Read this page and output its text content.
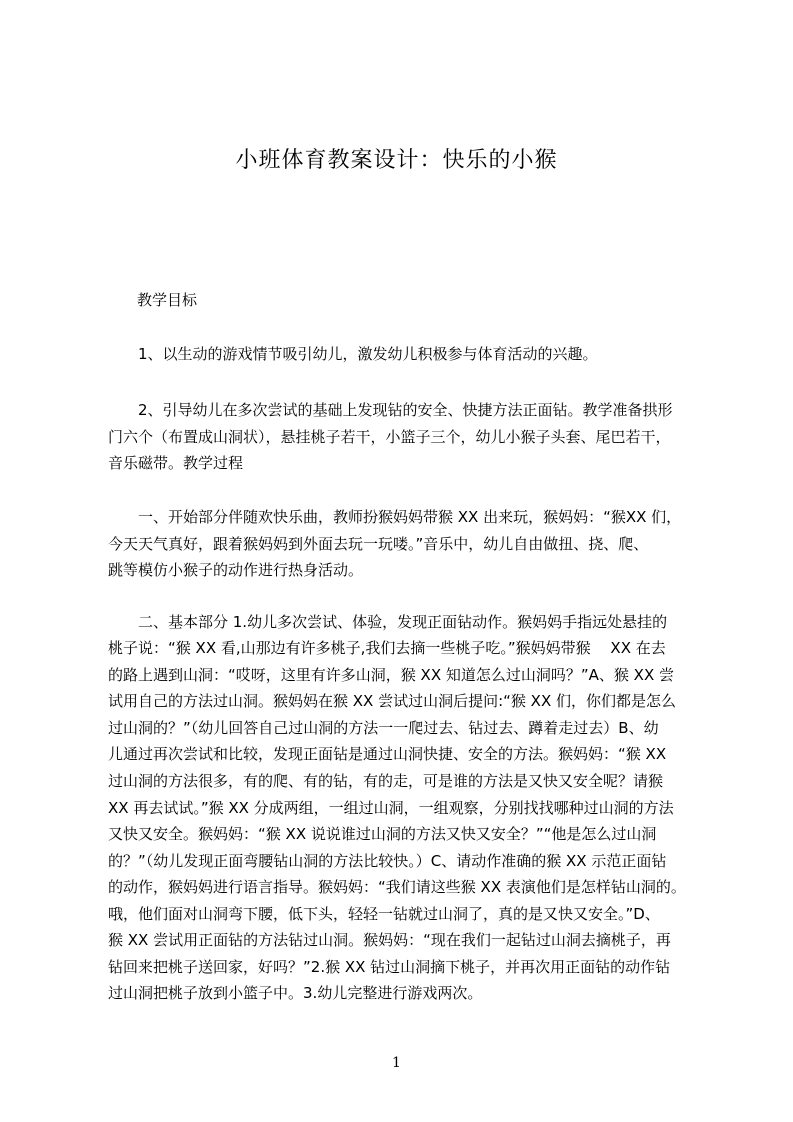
小班体育教案设计：快乐的小猴
教学目标
　　1、以生动的游戏情节吸引幼儿，激发幼儿积极参与体育活动的兴趣。
　　2、引导幼儿在多次尝试的基础上发现钻的安全、快捷方法正面钻。教学准备拱形
门六个（布置成山洞状），悬挂桃子若干，小篮子三个，幼儿小猴子头套、尾巴若干，
音乐磁带。教学过程
　　一、开始部分伴随欢快乐曲，教师扮猴妈妈带猴 XX 出来玩，猴妈妈：“猴XX 们，
今天天气真好，跟着猴妈妈到外面去玩一玩喽。”音乐中，幼儿自由做扭、挠、爬、
跳等模仿小猴子的动作进行热身活动。
　　二、基本部分 1.幼儿多次尝试、体验，发现正面钻动作。猴妈妈手指远处悬挂的
桃子说：“猴 XX 看,山那边有许多桃子,我们去摘一些桃子吃。”猴妈妈带猴　 XX 在去
的路上遇到山洞：“哎呀，这里有许多山洞，猴 XX 知道怎么过山洞吗？”A、猴 XX 尝
试用自己的方法过山洞。猴妈妈在猴 XX 尝试过山洞后提问:“猴 XX 们，你们都是怎么
过山洞的？”（幼儿回答自己过山洞的方法一一爬过去、钻过去、蹲着走过去）B、幼
儿通过再次尝试和比较，发现正面钻是通过山洞快捷、安全的方法。猴妈妈：“猴 XX
过山洞的方法很多，有的爬、有的钻，有的走，可是谁的方法是又快又安全呢？请猴
XX 再去试试。”猴 XX 分成两组，一组过山洞，一组观察，分别找找哪种过山洞的方法
又快又安全。猴妈妈：“猴 XX 说说谁过山洞的方法又快又安全？”“他是怎么过山洞
的？”（幼儿发现正面弯腰钻山洞的方法比较快。）C、请动作准确的猴 XX 示范正面钻
的动作，猴妈妈进行语言指导。猴妈妈：“我们请这些猴 XX 表演他们是怎样钻山洞的。
哦，他们面对山洞弯下腰，低下头，轻轻一钻就过山洞了，真的是又快又安全。”D、
猴 XX 尝试用正面钻的方法钻过山洞。猴妈妈：“现在我们一起钻过山洞去摘桃子，再
钻回来把桃子送回家，好吗？”2.猴 XX 钻过山洞摘下桃子，并再次用正面钻的动作钻
过山洞把桃子放到小篮子中。3.幼儿完整进行游戏两次。
1
